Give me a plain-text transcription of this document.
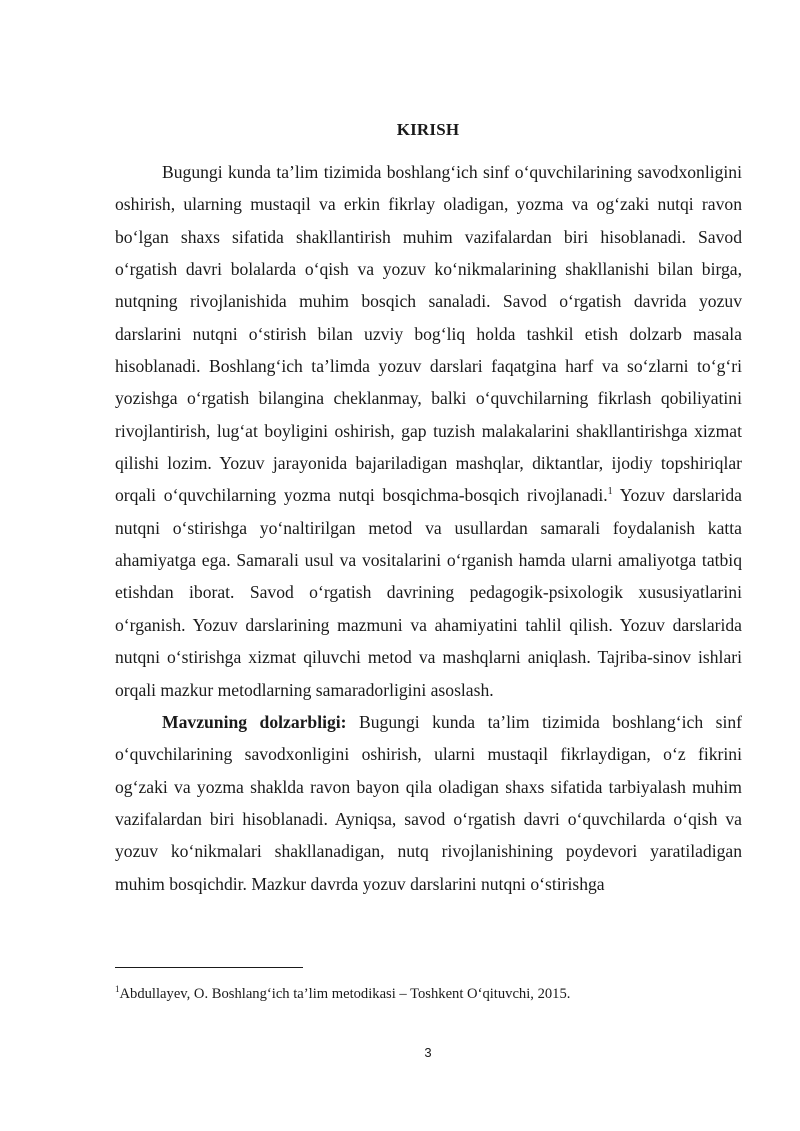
KIRISH

Bugungi kunda ta’lim tizimida boshlang‘ich sinf o‘quvchilarining savodxonligini oshirish, ularning mustaqil va erkin fikrlay oladigan, yozma va og‘zaki nutqi ravon bo‘lgan shaxs sifatida shakllantirish muhim vazifalardan biri hisoblanadi. Savod o‘rgatish davri bolalarda o‘qish va yozuv ko‘nikmalarining shakllanishi bilan birga, nutqning rivojlanishida muhim bosqich sanaladi. Savod o‘rgatish davrida yozuv darslarini nutqni o‘stirish bilan uzviy bog‘liq holda tashkil etish dolzarb masala hisoblanadi. Boshlang‘ich ta’limda yozuv darslari faqatgina harf va so‘zlarni to‘g‘ri yozishga o‘rgatish bilangina cheklanmay, balki o‘quvchilarning fikrlash qobiliyatini rivojlantirish, lug‘at boyligini oshirish, gap tuzish malakalarini shakllantirishga xizmat qilishi lozim. Yozuv jarayonida bajariladigan mashqlar, diktantlar, ijodiy topshiriqlar orqali o‘quvchilarning yozma nutqi bosqichma-bosqich rivojlanadi.$^1$ Yozuv darslarida nutqni o‘stirishga yo‘naltirilgan metod va usullardan samarali foydalanish katta ahamiyatga ega. Samarali usul va vositalarini o‘rganish hamda ularni amaliyotga tatbiq etishdan iborat. Savod o‘rgatish davrining pedagogik-psixologik xususiyatlarini o‘rganish. Yozuv darslarining mazmuni va ahamiyatini tahlil qilish. Yozuv darslarida nutqni o‘stirishga xizmat qiluvchi metod va mashqlarni aniqlash. Tajriba-sinov ishlari orqali mazkur metodlarning samaradorligini asoslash.

Mavzuning dolzarbligi: Bugungi kunda ta’lim tizimida boshlang‘ich sinf o‘quvchilarining savodxonligini oshirish, ularni mustaqil fikrlaydigan, o‘z fikrini og‘zaki va yozma shaklda ravon bayon qila oladigan shaxs sifatida tarbiyalash muhim vazifalardan biri hisoblanadi. Ayniqsa, savod o‘rgatish davri o‘quvchilarda o‘qish va yozuv ko‘nikmalari shakllanadigan, nutq rivojlanishining poydevori yaratiladigan muhim bosqichdir. Mazkur davrda yozuv darslarini nutqni o‘stirishga

$^1$Abdullayev, O. Boshlang‘ich ta’lim metodikasi – Toshkent O‘qituvchi, 2015.
3
